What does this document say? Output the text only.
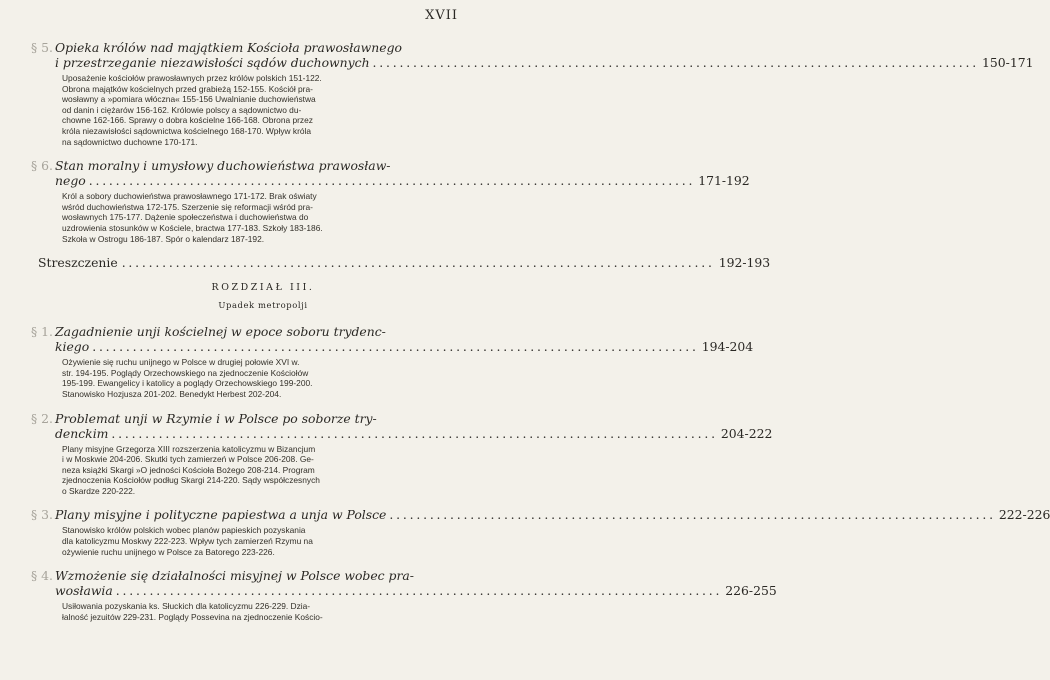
XVII
§ 5. Opieka królów nad majątkiem Kościoła prawosławnego
i przestrzeganie niezawisłości sądów duchownych .......................................................................................... 150-171
Uposażenie kościołów prawosławnych przez królów polskich 151-122.
Obrona majątków kościelnych przed grabieżą 152-155. Kościół pra-
wosławny a »pomiara włóczna« 155-156 Uwalnianie duchowieństwa
od danin i ciężarów 156-162. Królowie polscy a sądownictwo du-
chowne 162-166. Sprawy o dobra kościelne 166-168. Obrona przez
króla niezawisłości sądownictwa kościelnego 168-170. Wpływ króla
na sądownictwo duchowne 170-171.
§ 6. Stan moralny i umysłowy duchowieństwa prawosław-
nego .......................................................................................... 171-192
Król a sobory duchowieństwa prawosławnego 171-172. Brak oświaty
wśród duchowieństwa 172-175. Szerzenie się reformacji wśród pra-
wosławnych 175-177. Dążenie społeczeństwa i duchowieństwa do
uzdrowienia stosunków w Kościele, bractwa 177-183. Szkoły 183-186.
Szkoła w Ostrogu 186-187. Spór o kalendarz 187-192.
Streszczenie ........................................................................................ 192-193
ROZDZIAŁ III.
Upadek metropolji
§ 1. Zagadnienie unji kościelnej w epoce soboru trydenc-
kiego .......................................................................................... 194-204
Ożywienie się ruchu unijnego w Polsce w drugiej połowie XVI w.
str. 194-195. Poglądy Orzechowskiego na zjednoczenie Kościołów
195-199. Ewangelicy i katolicy a poglądy Orzechowskiego 199-200.
Stanowisko Hozjusza 201-202. Benedykt Herbest 202-204.
§ 2. Problemat unji w Rzymie i w Polsce po soborze try-
denckim .......................................................................................... 204-222
Plany misyjne Grzegorza XIII rozszerzenia katolicyzmu w Bizancjum
i w Moskwie 204-206. Skutki tych zamierzeń w Polsce 206-208. Ge-
neza książki Skargi »O jedności Kościoła Bożego 208-214. Program
zjednoczenia Kościołów podług Skargi 214-220. Sądy współczesnych
o Skardze 220-222.
§ 3. Plany misyjne i polityczne papiestwa a unja w Polsce .......................................................................................... 222-226
Stanowisko królów polskich wobec planów papieskich pozyskania
dla katolicyzmu Moskwy 222-223. Wpływ tych zamierzeń Rzymu na
ożywienie ruchu unijnego w Polsce za Batorego 223-226.
§ 4. Wzmożenie się działalności misyjnej w Polsce wobec pra-
wosławia .......................................................................................... 226-255
Usiłowania pozyskania ks. Słuckich dla katolicyzmu 226-229. Dzia-
łalność jezuitów 229-231. Poglądy Possevina na zjednoczenie Kościo-
